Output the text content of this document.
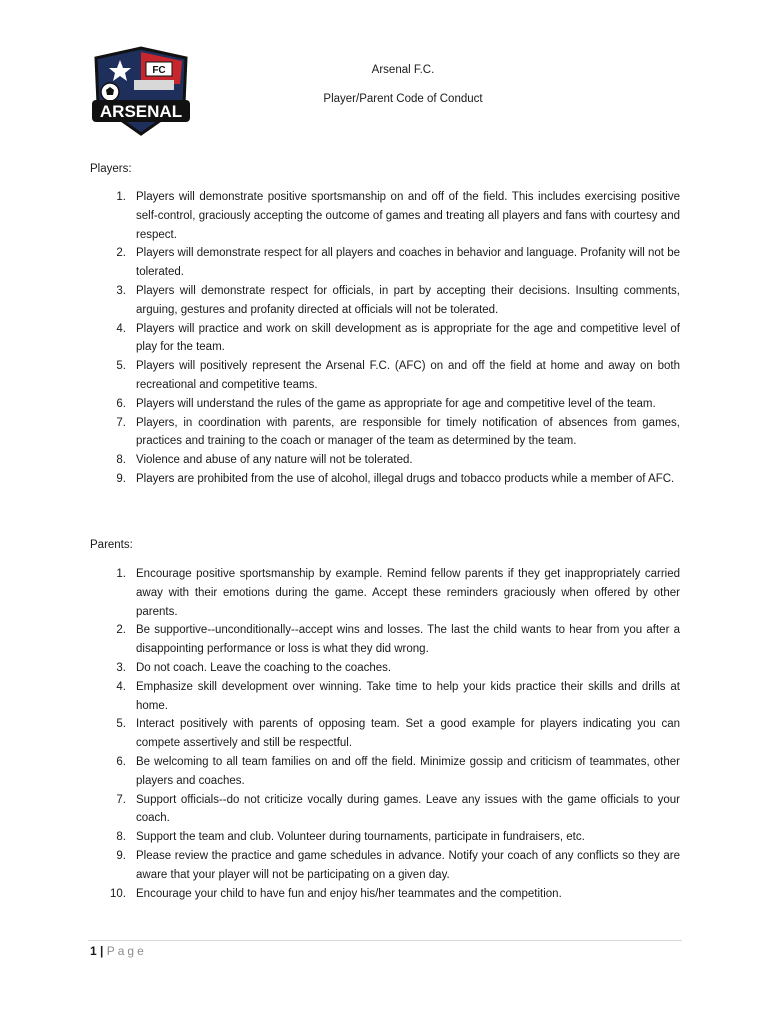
FC
ARSENAL
Arsenal F.C.
Player/Parent Code of Conduct
Players:
1. Players will demonstrate positive sportsmanship on and off of the field. This includes exercising positive self-control, graciously accepting the outcome of games and treating all players and fans with courtesy and respect.
2. Players will demonstrate respect for all players and coaches in behavior and language. Profanity will not be tolerated.
3. Players will demonstrate respect for officials, in part by accepting their decisions. Insulting comments, arguing, gestures and profanity directed at officials will not be tolerated.
4. Players will practice and work on skill development as is appropriate for the age and competitive level of play for the team.
5. Players will positively represent the Arsenal F.C. (AFC) on and off the field at home and away on both recreational and competitive teams.
6. Players will understand the rules of the game as appropriate for age and competitive level of the team.
7. Players, in coordination with parents, are responsible for timely notification of absences from games, practices and training to the coach or manager of the team as determined by the team.
8. Violence and abuse of any nature will not be tolerated.
9. Players are prohibited from the use of alcohol, illegal drugs and tobacco products while a member of AFC.
Parents:
1. Encourage positive sportsmanship by example. Remind fellow parents if they get inappropriately carried away with their emotions during the game. Accept these reminders graciously when offered by other parents.
2. Be supportive--unconditionally--accept wins and losses. The last the child wants to hear from you after a disappointing performance or loss is what they did wrong.
3. Do not coach. Leave the coaching to the coaches.
4. Emphasize skill development over winning. Take time to help your kids practice their skills and drills at home.
5. Interact positively with parents of opposing team. Set a good example for players indicating you can compete assertively and still be respectful.
6. Be welcoming to all team families on and off the field. Minimize gossip and criticism of teammates, other players and coaches.
7. Support officials--do not criticize vocally during games. Leave any issues with the game officials to your coach.
8. Support the team and club. Volunteer during tournaments, participate in fundraisers, etc.
9. Please review the practice and game schedules in advance. Notify your coach of any conflicts so they are aware that your player will not be participating on a given day.
10. Encourage your child to have fun and enjoy his/her teammates and the competition.
1 | Page
